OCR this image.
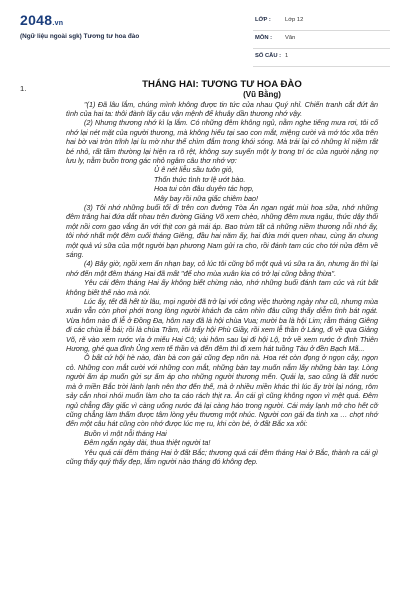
2048.vn
(Ngữ liệu ngoài sgk) Tương tư hoa đào
LỚP : Lớp 12
MÔN : Văn
SỐ CÂU : 1
1.	THÁNG HAI: TƯƠNG TƯ HOA ĐÀO

(Vũ Bằng)

"(1) Đã lâu lắm, chúng mình không được tin tức của nhau Quý nhỉ. Chiến tranh cắt đứt ân tình của hai ta: thôi đành lấy câu vận mệnh để khuây dần thương nhớ vậy.

(2) Nhưng thương nhớ kì lạ lắm. Có những đêm không ngủ, nằm nghe tiếng mưa rơi, tôi cố nhớ lại nét mặt của người thương, mà không hiểu tại sao con mắt, miệng cười và mớ tóc xõa trên hai bờ vai tròn trĩnh lại lu mờ như thể chìm đắm trong khói sóng. Mà trái lại có những kỉ niệm rất bé nhỏ, rất tầm thường lại hiện ra rõ rệt, không suy suyển một ly trong trí óc của người nặng nợ lưu ly, nằm buồn trong gác nhỏ ngâm câu thơ nhớ vợ:

Ủ ê nét liễu sầu tuôn giỏ,
Thổn thức tình tơ lệ ướt bào.
Hoa tui còn đâu duyên tác hợp,
Mây bay rồi nữa giấc chiêm bao!

(3) Tôi nhớ những buổi tối đi trên con đường Tòa Án ngan ngát mùi hoa sữa, nhớ những đêm trăng hai đứa dắt nhau trên đường Giảng Võ xem chèo, những đêm mưa ngâu, thức dậy thổi một nồi cơm gạo vắng ăn với thịt con gà mái áp. Bao trùm tất cả những niềm thương nỗi nhớ ấy, tôi nhớ nhất một đêm cuối tháng Giêng, đầu hai năm ấy, hai đứa mới quen nhau, cùng ăn chung một quả vú sữa của một người bạn phương Nam gửi ra cho, rồi đánh tam cúc cho tới nửa đêm về sáng.

(4) Bây giờ, ngồi xem ấn nhạn bay, cỏ lúc tôi cũng bổ một quả vú sữa ra ăn, nhưng ăn thì lại nhớ đến một đêm tháng Hai đã mất "để cho mùa xuân kia có trở lại cũng bằng thừa".

Yêu cái đêm tháng Hai ấy không biết chừng nào, nhớ những buổi đánh tam cúc và rút bất không biết thế nào mà nói.

Lúc ấy, tết đã hết từ lâu, mọi người đã trở lại với công việc thường ngày như cũ, nhưng mùa xuân vẫn còn phơi phới trong lòng người khách đa cảm nhìn đâu cũng thấy diễm tình bát ngát. Vừa hôm nào đi lễ ở Đồng Đa, hôm nay đã là hội chùa Vua; mười ba là hội Lim; rằm tháng Giêng đi các chùa lễ bái; rồi là chùa Trầm, rồi trẩy hội Phù Giầy, rồi xem lễ thần ở Láng, đi về qua Giảng Võ, rẽ vào xem rước vía ở miếu Hai Cô; vài hôm sau lại đi hội Lộ, trở về xem rước ở đình Thiên Hương, ghé qua đình Ủng xem tế thần và đến đêm thì đi xem hát tuồng Tàu ở đền Bạch Mã...

Ô bất cứ hội hè nào, đàn bà con gái cũng đẹp nõn nà. Hoa rét còn đọng ở ngọn cây, ngọn cỏ. Những con mắt cười với những con mắt, những bàn tay muốn nắm lấy những bàn tay. Lòng người ấm áp muốn gửi sự ấm áp cho những người thương mến. Quái lạ, sao cũng là đất nước mà ở miền Bắc trời lành lạnh nên thơ đến thế, mà ở nhiều miền khác thì lúc ấy trời lại nóng, rôm sảy cắn nhoi nhói muốn làm cho ta cáo rách thịt ra. Ăn cái gì cũng không ngon vì mệt quá. Đêm ngủ chẳng đầy giấc vì càng uống nước đá lại càng háo trong người. Cái máy lạnh mở cho hết cỡ cũng chẳng làm thấm được tâm lòng yêu thương một nhúc. Người con gái đa tình xa … chợt nhớ đến một câu hát cũng còn nhớ được lúc mẹ ru, khi còn bé, ở đất Bắc xa xôi:

Buồn vì một nỗi tháng Hai
Đêm ngắn ngày dài, thua thiệt người ta!

Yêu quá cái đêm tháng Hai ở đất Bắc; thương quá cái đêm tháng Hai ở Bắc, thành ra cái gì cũng thấy quý thấy đẹp, lắm người nào tháng đó không đẹp.
